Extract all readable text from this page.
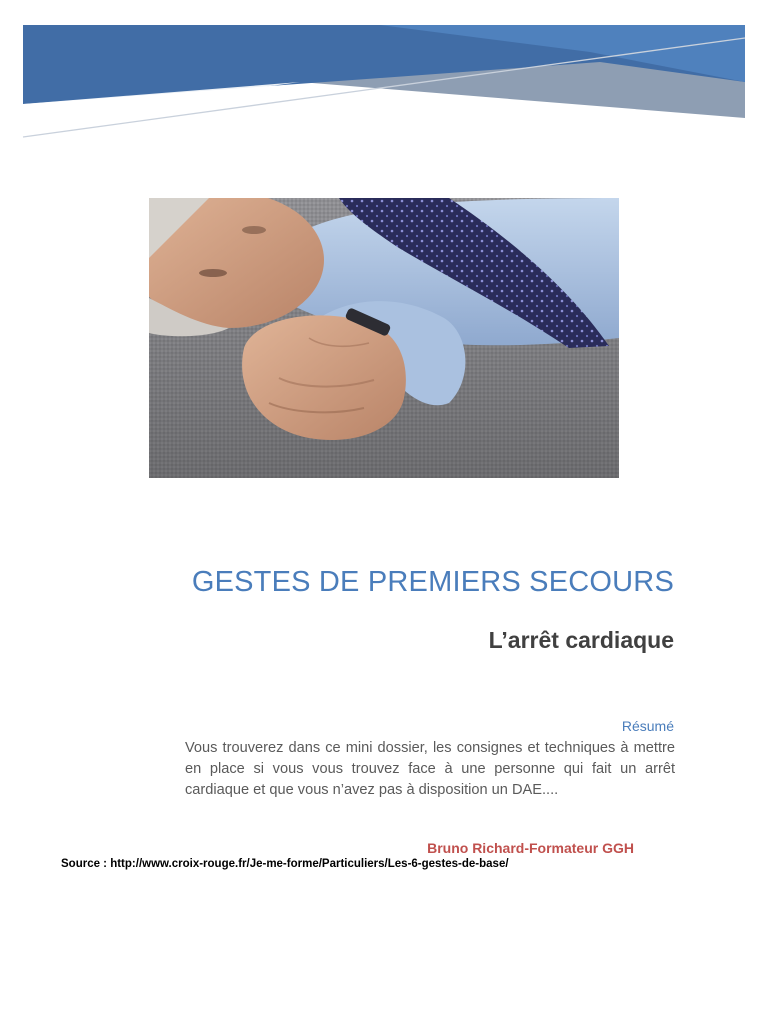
GESTES DE PREMIERS SECOURS
L’arrêt cardiaque
Résumé

Vous trouverez dans ce mini dossier, les consignes et techniques à mettre en place si vous vous trouvez face à une personne qui fait un arrêt cardiaque et que vous n’avez pas à disposition un DAE....

Bruno Richard-Formateur GGH
Source : http://www.croix-rouge.fr/Je-me-forme/Particuliers/Les-6-gestes-de-base/
